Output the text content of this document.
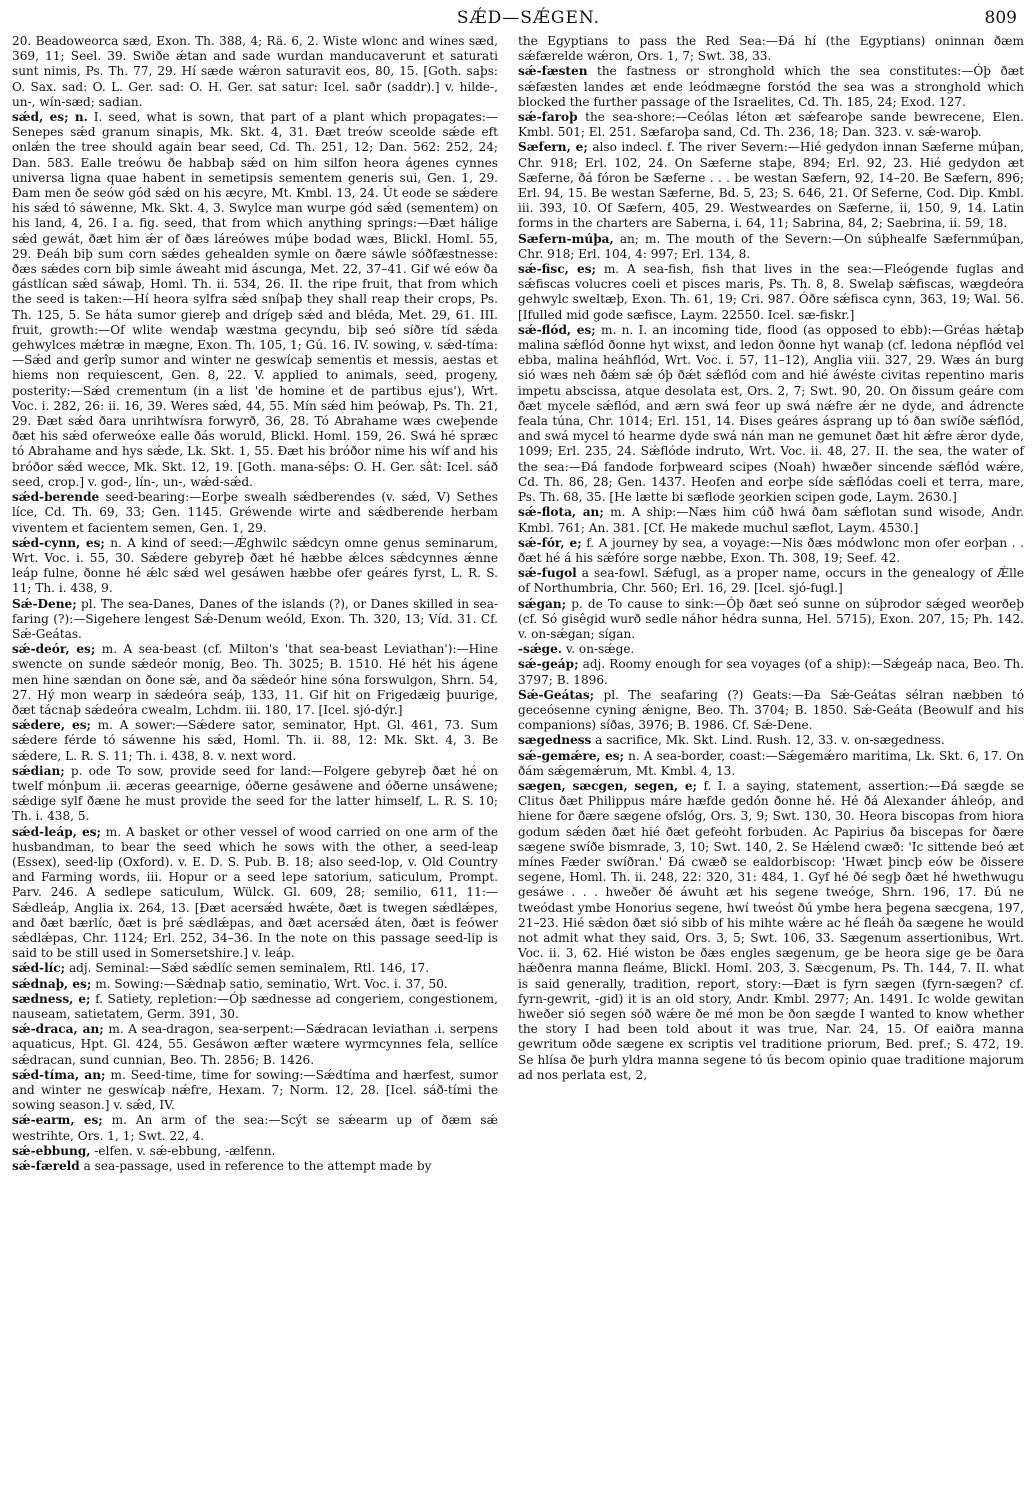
SǼD—SǼGEN.	809

20. Beadoweorca sæd, Exon. Th. 388, 4; Rä. 6, 2. Wiste wlonc and wines sæd, 369, 11; Seel. 39. Swiðe ǽtan and sade wurdan manducaverunt et saturati sunt nimis, Ps. Th. 77, 29. Hí sæde wǽron saturavit eos, 80, 15. [Goth. saþs: O. Sax. sad: O. L. Ger. sad: O. H. Ger. sat satur: Icel. saðr (saddr).] v. hilde-, un-, wín-sæd; sadian.

sǽd, es; n. I. seed, what is sown, that part of a plant which propagates:—Senepes sǽd granum sinapis, Mk. Skt. 4, 31. Ðæt treów sceolde sǽde eft onlǽn the tree should again bear seed, Cd. Th. 251, 12; Dan. 562: 252, 24; Dan. 583. Ealle treówu ðe habbaþ sǽd on him silfon heora ágenes cynnes universa ligna quae habent in semetipsis sementem generis sui, Gen. 1, 29. Ðam men ðe seów gód sǽd on his æcyre, Mt. Kmbl. 13, 24. Út eode se sǽdere his sǽd tó sáwenne, Mk. Skt. 4, 3. Swylce man wurpe gód sǽd (sementem) on his land, 4, 26. I a. fig. seed, that from which anything springs:—Ðæt hálige sǽd gewát, ðæt him ǽr of ðæs láreówes múþe bodad wæs, Blickl. Homl. 55, 29. Ðeáh biþ sum corn sǽdes gehealden symle on ðære sáwle sóðfæstnesse: ðæs sǽdes corn biþ simle áweaht mid áscunga, Met. 22, 37–41. Gif wé eów ða gástlícan sǽd sáwaþ, Homl. Th. ii. 534, 26. II. the ripe fruit, that from which the seed is taken:—Hí heora sylfra sǽd sníþaþ they shall reap their crops, Ps. Th. 125, 5. Se háta sumor giereþ and drígeþ sǽd and bléda, Met. 29, 61. III. fruit, growth:—Of wlite wendaþ wæstma gecyndu, biþ seó síðre tíd sǽda gehwylces mǽtræ in mægne, Exon. Th. 105, 1; Gú. 16. IV. sowing, v. sǽd-tíma:—Sǽd and gerîp sumor and winter ne geswícaþ sementis et messis, aestas et hiems non requiescent, Gen. 8, 22. V. applied to animals, seed, progeny, posterity:—Sǽd crementum (in a list 'de homine et de partibus ejus'), Wrt. Voc. i. 282, 26: ii. 16, 39. Weres sǽd, 44, 55. Mín sǽd him þeówaþ, Ps. Th. 21, 29. Ðæt sǽd ðara unrihtwísra forwyrð, 36, 28. Tó Abrahame wæs cweþende ðæt his sǽd oferweóxe ealle ðás woruld, Blickl. Homl. 159, 26. Swá hé spræc tó Abrahame and hys sǽde, Lk. Skt. 1, 55. Ðæt his bróðor nime his wíf and his bróðor sǽd wecce, Mk. Skt. 12, 19. [Goth. mana-séþs: O. H. Ger. sât: Icel. sáð seed, crop.] v. god-, lín-, un-, wǽd-sǽd.

sǽd-berende seed-bearing:—Eorþe swealh sǽdberendes (v. sǽd, V) Sethes líce, Cd. Th. 69, 33; Gen. 1145. Gréwende wirte and sǽdberende herbam viventem et facientem semen, Gen. 1, 29.

sǽd-cynn, es; n. A kind of seed:—Ǽghwilc sǽdcyn omne genus seminarum, Wrt. Voc. i. 55, 30. Sǽdere gebyreþ ðæt hé hæbbe ǽlces sǽdcynnes ǽnne leáp fulne, ðonne hé ǽlc sǽd wel gesáwen hæbbe ofer geáres fyrst, L. R. S. 11; Th. i. 438, 9.

Sǽ-Dene; pl. The sea-Danes, Danes of the islands (?), or Danes skilled in sea-faring (?):—Sigehere lengest Sǽ-Denum weóld, Exon. Th. 320, 13; Víd. 31. Cf. Sǽ-Geátas.

sǽ-deór, es; m. A sea-beast (cf. Milton's 'that sea-beast Leviathan'):—Hine swencte on sunde sǽdeór monig, Beo. Th. 3025; B. 1510. Hé hét his ágene men hine sændan on ðone sǽ, and ða sǽdeór hine sóna forswulgon, Shrn. 54, 27. Hý mon wearp in sǽdeóra seáþ, 133, 11. Gif hit on Frigedæig þuurige, ðæt tácnaþ sǽdeóra cwealm, Lchdm. iii. 180, 17. [Icel. sjó-dýr.]

sǽdere, es; m. A sower:—Sǽdere sator, seminator, Hpt. Gl. 461, 73. Sum sǽdere férde tó sáwenne his sǽd, Homl. Th. ii. 88, 12: Mk. Skt. 4, 3. Be sǽdere, L. R. S. 11; Th. i. 438, 8. v. next word.

sǽdian; p. ode To sow, provide seed for land:—Folgere gebyreþ ðæt hé on twelf mónþum .ii. æceras geearnige, óðerne gesáwene and óðerne unsáwene; sǽdige sylf ðæne he must provide the seed for the latter himself, L. R. S. 10; Th. i. 438, 5.

sǽd-leáp, es; m. A basket or other vessel of wood carried on one arm of the husbandman, to bear the seed which he sows with the other, a seed-leap (Essex), seed-lip (Oxford). v. E. D. S. Pub. B. 18; also seed-lop, v. Old Country and Farming words, iii. Hopur or a seed lepe satorium, saticulum, Prompt. Parv. 246. A sedlepe saticulum, Wülck. Gl. 609, 28; semilio, 611, 11:—Sǽdleáp, Anglia ix. 264, 13. [Ðæt acersǽd hwǽte, ðæt is twegen sǽdlǽpes, and ðæt bærlíc, ðæt is þré sǽdlǽpas, and ðæt acersǽd áten, ðæt is feówer sǽdlǽpas, Chr. 1124; Erl. 252, 34–36. In the note on this passage seed-lip is said to be still used in Somersetshire.] v. leáp.

sǽd-líc; adj. Seminal:—Sǽd sǽdlíc semen seminalem, Rtl. 146, 17.

sǽdnaþ, es; m. Sowing:—Sǽdnaþ satio, seminatio, Wrt. Voc. i. 37, 50.

sædness, e; f. Satiety, repletion:—Óþ sædnesse ad congeriem, congestionem, nauseam, satietatem, Germ. 391, 30.

sǽ-draca, an; m. A sea-dragon, sea-serpent:—Sǽdracan leviathan .i. serpens aquaticus, Hpt. Gl. 424, 55. Gesáwon æfter wætere wyrmcynnes fela, sellíce sǽdracan, sund cunnian, Beo. Th. 2856; B. 1426.

sǽd-tíma, an; m. Seed-time, time for sowing:—Sǽdtíma and hærfest, sumor and winter ne geswícaþ nǽfre, Hexam. 7; Norm. 12, 28. [Icel. sáð-tími the sowing season.] v. sǽd, IV.

sǽ-earm, es; m. An arm of the sea:—Scýt se sǽearm up of ðæm sǽ westrihte, Ors. 1, 1; Swt. 22, 4.

sǽ-ebbung, -elfen. v. sǽ-ebbung, -ælfenn.

sǽ-færeld a sea-passage, used in reference to the attempt made by

the Egyptians to pass the Red Sea:—Ðá hí (the Egyptians) oninnan ðæm sǽfærelde wǽron, Ors. 1, 7; Swt. 38, 33.

sǽ-fæsten the fastness or stronghold which the sea constitutes:—Óþ ðæt sǽfæsten landes æt ende leódmægne forstód the sea was a stronghold which blocked the further passage of the Israelites, Cd. Th. 185, 24; Exod. 127.

sǽ-faroþ the sea-shore:—Ceólas léton æt sǽfearoþe sande bewrecene, Elen. Kmbl. 501; El. 251. Sæfaroþa sand, Cd. Th. 236, 18; Dan. 323. v. sǽ-waroþ.

Sæfern, e; also indecl. f. The river Severn:—Hié gedydon innan Sæferne múþan, Chr. 918; Erl. 102, 24. On Sæferne staþe, 894; Erl. 92, 23. Hié gedydon æt Sæferne, ðá fóron be Sæferne . . . be westan Sæfern, 92, 14–20. Be Sæfern, 896; Erl. 94, 15. Be westan Sæferne, Bd. 5, 23; S. 646, 21. Of Seferne, Cod. Dip. Kmbl. iii. 393, 10. Of Sæfern, 405, 29. Westweardes on Sæferne, ii, 150, 9, 14. Latin forms in the charters are Saberna, i. 64, 11; Sabrina, 84, 2; Saebrina, ii. 59, 18.

Sæfern-múþa, an; m. The mouth of the Severn:—On súþhealfe Sæfernmúþan, Chr. 918; Erl. 104, 4: 997; Erl. 134, 8.

sǽ-fisc, es; m. A sea-fish, fish that lives in the sea:—Fleógende fuglas and sǽfiscas volucres coeli et pisces maris, Ps. Th. 8, 8. Swelaþ sǽfiscas, wægdeóra gehwylc sweltæþ, Exon. Th. 61, 19; Cri. 987. Óðre sǽfisca cynn, 363, 19; Wal. 56. [Ifulled mid gode sæfisce, Laym. 22550. Icel. sæ-fiskr.]

sǽ-flód, es; m. n. I. an incoming tide, flood (as opposed to ebb):—Gréas hǽtaþ malina sǽflód ðonne hyt wixst, and ledon ðonne hyt wanaþ (cf. ledona népflód vel ebba, malina heáhflód, Wrt. Voc. i. 57, 11–12), Anglia viii. 327, 29. Wæs án burg sió wæs neh ðǽm sǽ óþ ðǽt sǽflód com and hié áwéste civitas repentino maris impetu abscissa, atque desolata est, Ors. 2, 7; Swt. 90, 20. On ðissum geáre com ðæt mycele sǽflód, and ærn swá feor up swá nǽfre ǽr ne dyde, and ádrencte feala túna, Chr. 1014; Erl. 151, 14. Ðises geáres ásprang up tó ðan swíðe sǽflód, and swá mycel tó hearme dyde swá nán man ne gemunet ðæt hit ǽfre ǽror dyde, 1099; Erl. 235, 24. Sǽflóde indruto, Wrt. Voc. ii. 48, 27. II. the sea, the water of the sea:—Ðá fandode forþweard scipes (Noah) hwæðer sincende sǽflód wǽre, Cd. Th. 86, 28; Gen. 1437. Heofen and eorþe síde sǽflódas coeli et terra, mare, Ps. Th. 68, 35. [He lætte bi sæflode ȝeorkien scipen gode, Laym. 2630.]

sǽ-flota, an; m. A ship:—Næs him cúð hwá ðam sǽflotan sund wisode, Andr. Kmbl. 761; An. 381. [Cf. He makede muchul sæflot, Laym. 4530.]

sǽ-fór, e; f. A journey by sea, a voyage:—Nis ðæs módwlonc mon ofer eorþan . . ðæt hé á his sǽfóre sorge næbbe, Exon. Th. 308, 19; Seef. 42.

sǽ-fugol a sea-fowl. Sǽfugl, as a proper name, occurs in the genealogy of Ǽlle of Northumbria, Chr. 560; Erl. 16, 29. [Icel. sjó-fugl.]

sǽgan; p. de To cause to sink:—Óþ ðæt seó sunne on súþrodor sǽged weorðeþ (cf. Só gisêgid wurð sedle náhor hédra sunna, Hel. 5715), Exon. 207, 15; Ph. 142. v. on-sǽgan; sígan.

-sǽge. v. on-sǽge.

sǽ-geáp; adj. Roomy enough for sea voyages (of a ship):—Sǽgeáp naca, Beo. Th. 3797; B. 1896.

Sǽ-Geátas; pl. The seafaring (?) Geats:—Ða Sǽ-Geátas sélran næbben tó geceósenne cyning ǽnigne, Beo. Th. 3704; B. 1850. Sǽ-Geáta (Beowulf and his companions) síðas, 3976; B. 1986. Cf. Sǽ-Dene.

sægedness a sacrifice, Mk. Skt. Lind. Rush. 12, 33. v. on-sægedness.

sǽ-gemǽre, es; n. A sea-border, coast:—Sǽgemǽro maritima, Lk. Skt. 6, 17. On ðám sǽgemǽrum, Mt. Kmbl. 4, 13.

sægen, sæcgen, segen, e; f. I. a saying, statement, assertion:—Ðá sægde se Clitus ðæt Philippus máre hæfde gedón ðonne hé. Hé ðá Alexander áhleóp, and hiene for ðære sægene ofslóg, Ors. 3, 9; Swt. 130, 30. Heora biscopas from hiora godum sǽden ðæt hié ðæt gefeoht forbuden. Ac Papirius ða biscepas for ðære sægene swíðe bismrade, 3, 10; Swt. 140, 2. Se Hǽlend cwæð: 'Ic sittende beó æt mínes Fæder swíðran.' Ðá cwæð se ealdorbiscop: 'Hwæt þincþ eów be ðissere segene, Homl. Th. ii. 248, 22: 320, 31: 484, 1. Gyf hé ðé segþ ðæt hé hwethwugu gesáwe . . . hweðer ðé áwuht æt his segene tweóge, Shrn. 196, 17. Ðú ne tweódast ymbe Honorius segene, hwí tweóst ðú ymbe hera þegena sæcgena, 197, 21–23. Hié sǽdon ðæt sió sibb of his mihte wǽre ac hé fleáh ða sægene he would not admit what they said, Ors. 3, 5; Swt. 106, 33. Sægenum assertionibus, Wrt. Voc. ii. 3, 62. Hié wiston be ðæs engles sægenum, ge be heora sige ge be ðara hǽðenra manna fleáme, Blickl. Homl. 203, 3. Sæcgenum, Ps. Th. 144, 7. II. what is said generally, tradition, report, story:—Ðæt is fyrn sægen (fyrn-sægen? cf. fyrn-gewrit, -gid) it is an old story, Andr. Kmbl. 2977; An. 1491. Ic wolde gewitan hweðer sió segen sóð wǽre ðe mé mon be ðon sægde I wanted to know whether the story I had been told about it was true, Nar. 24, 15. Of eaiðra manna gewritum oðde sægene ex scriptis vel traditione priorum, Bed. pref.; S. 472, 19. Se hlísa ðe þurh yldra manna segene tó ús becom opinio quae traditione majorum ad nos perlata est, 2,
